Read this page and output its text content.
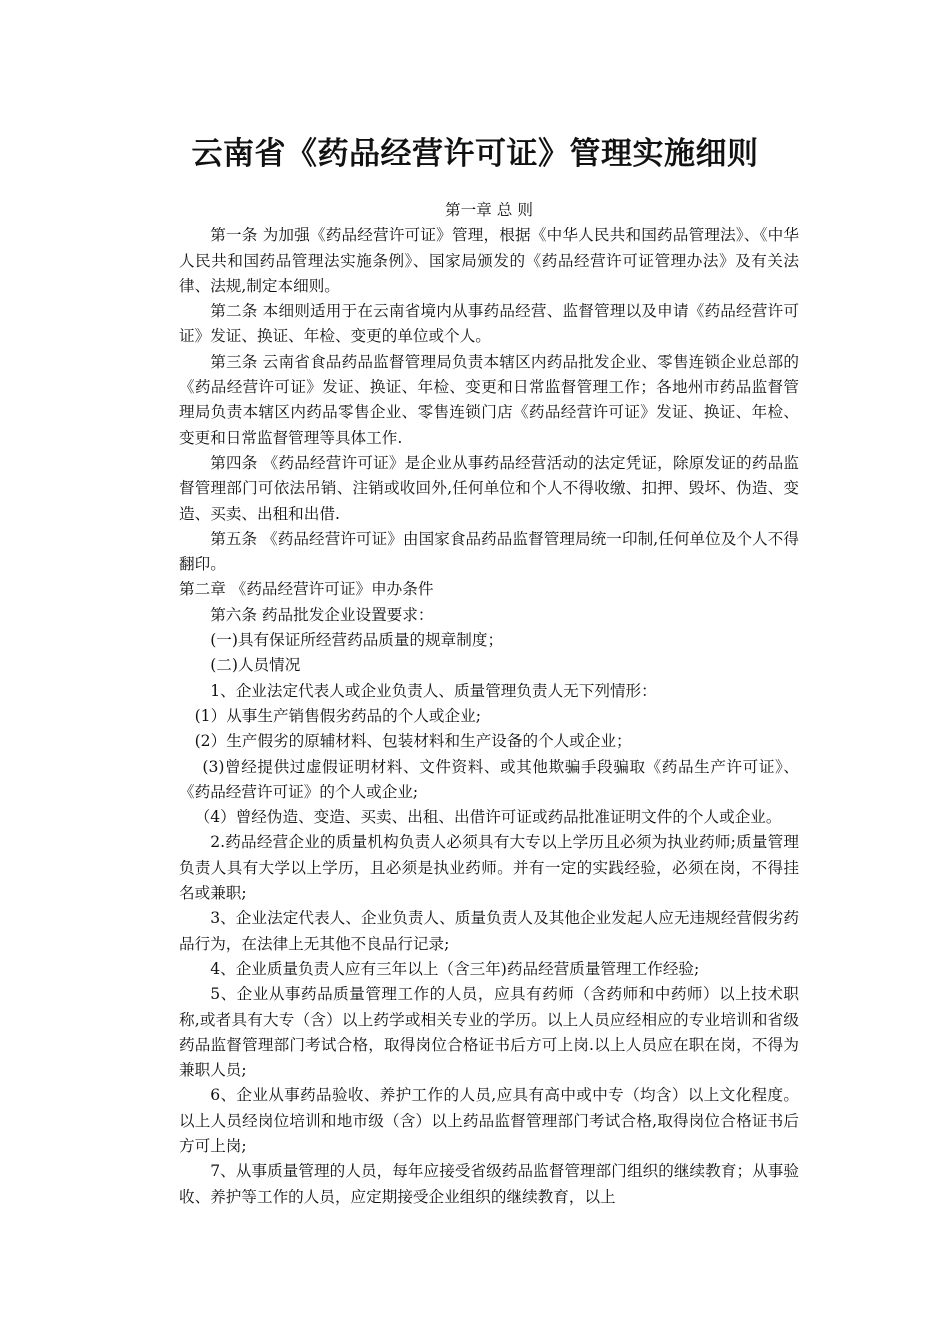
云南省《药品经营许可证》管理实施细则

第一章 总 则

第一条 为加强《药品经营许可证》管理，根据《中华人民共和国药品管理法》、《中华人民共和国药品管理法实施条例》、国家局颁发的《药品经营许可证管理办法》及有关法律、法规,制定本细则。

第二条 本细则适用于在云南省境内从事药品经营、监督管理以及申请《药品经营许可证》发证、换证、年检、变更的单位或个人。

第三条 云南省食品药品监督管理局负责本辖区内药品批发企业、零售连锁企业总部的《药品经营许可证》发证、换证、年检、变更和日常监督管理工作；各地州市药品监督管理局负责本辖区内药品零售企业、零售连锁门店《药品经营许可证》发证、换证、年检、变更和日常监督管理等具体工作.

第四条 《药品经营许可证》是企业从事药品经营活动的法定凭证，除原发证的药品监督管理部门可依法吊销、注销或收回外,任何单位和个人不得收缴、扣押、毁坏、伪造、变造、买卖、出租和出借.

第五条 《药品经营许可证》由国家食品药品监督管理局统一印制,任何单位及个人不得翻印。

第二章 《药品经营许可证》申办条件

第六条 药品批发企业设置要求：

(一)具有保证所经营药品质量的规章制度；

(二)人员情况

1、企业法定代表人或企业负责人、质量管理负责人无下列情形：

(1）从事生产销售假劣药品的个人或企业;

(2）生产假劣的原辅材料、包装材料和生产设备的个人或企业；

(3)曾经提供过虚假证明材料、文件资料、或其他欺骗手段骗取《药品生产许可证》、《药品经营许可证》的个人或企业;

（4）曾经伪造、变造、买卖、出租、出借许可证或药品批准证明文件的个人或企业。

2.药品经营企业的质量机构负责人必须具有大专以上学历且必须为执业药师;质量管理负责人具有大学以上学历，且必须是执业药师。并有一定的实践经验，必须在岗，不得挂名或兼职;

3、企业法定代表人、企业负责人、质量负责人及其他企业发起人应无违规经营假劣药品行为，在法律上无其他不良品行记录;

4、企业质量负责人应有三年以上（含三年)药品经营质量管理工作经验;

5、企业从事药品质量管理工作的人员，应具有药师（含药师和中药师）以上技术职称,或者具有大专（含）以上药学或相关专业的学历。以上人员应经相应的专业培训和省级药品监督管理部门考试合格，取得岗位合格证书后方可上岗.以上人员应在职在岗，不得为兼职人员;

6、企业从事药品验收、养护工作的人员,应具有高中或中专（均含）以上文化程度。以上人员经岗位培训和地市级（含）以上药品监督管理部门考试合格,取得岗位合格证书后方可上岗;

7、从事质量管理的人员，每年应接受省级药品监督管理部门组织的继续教育；从事验收、养护等工作的人员，应定期接受企业组织的继续教育，以上
